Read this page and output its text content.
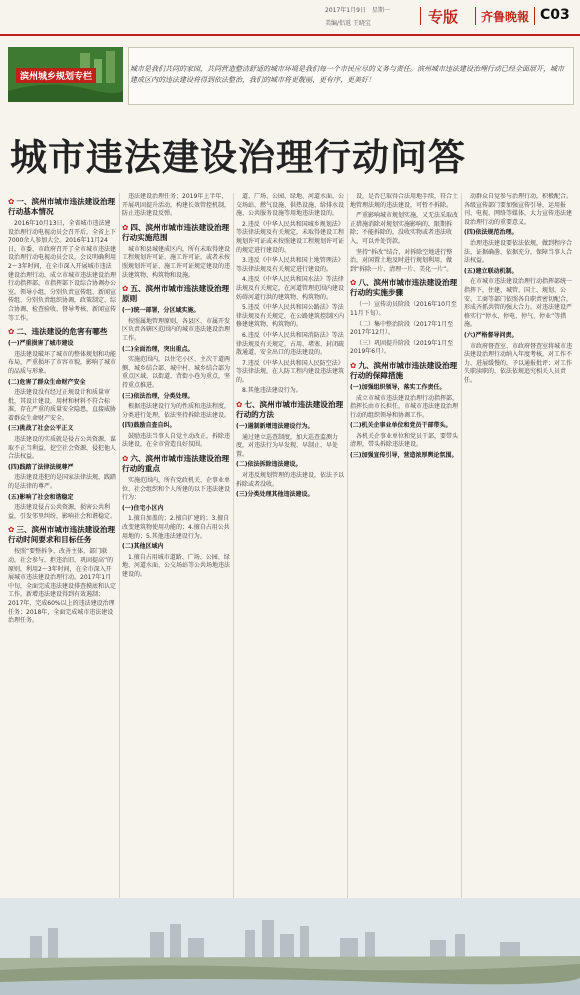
2017年1月9日　星期一
美编/侣返 王晓宝	专版 齐鲁晚報 C03
滨州城乡规划专栏
城市是我们共同的家园，共同营造整洁舒适的城市环境是我们每一个市民应尽的义务与责任。滨州城市违法建设治理行动已经全面展开，城市建成区内的违法建设将得到依法整治，我们的城市将更靓丽、更有序、更美好！
城市违法建设治理行动问答
✿ 一、滨州市城市违法建设治理行动基本情况

2016年10月13日，全省城市违法建设治理行动电视动员会召开后，全省上下7000余人参加大会。2016年11月24日，市委、市政府召开了全市城市违法建设治理行动电视动员会议，会议明确利用2～3年时间，在全市深入开展城市违法建设治理行动，成立市城市违法建设治理行动指挥部，市指挥部下设综合协调办公室。领导小组，分别负责宣传组、新闻宣传组、分别负责组织协调，政策制定、综合协调、检查验收、督导考核、新闻宣传等工作。

✿ 二、违法建设的危害有哪些
(一)严重损害了城市建设

违法建设破坏了城市的整体规划和功能布局，严重损坏了市容市貌，影响了城市的品质与形象。

(二)危害了群众生命财产安全

违法建设没有经过正规设计和质量审批，其设计建设，用材和材料不符合标准，存在严重的质量安全隐患，直接威胁着群众生命财产安全。

(三)挑战了社会公平正义

违法建设的实质就是侵占公共资源，谋取不正当利益，挖空社会资源，侵犯他人合法权益。

(四)践踏了法律法规尊严

违法建设违犯的是国家法律法规，践踏的是法律的尊严。

(五)影响了社会和谐稳定

违法建设侵占公共资源，损害公共利益，引发邻里纠纷，影响社会和谐稳定。

✿ 三、滨州市城市违法建设治理行动时间要求和目标任务

按照“要整拆争，改善主体，部门联动，社会参与，拒违治旧，巩固提高”的原则，利用2～3年时间，在全市深入开展城市违法建设治理行动。2017年1月中旬，全面完成违法建设排查摸底和认定工作，新增违法建设得到有效遏制；2017年，完成60%以上的违法建设治理任务；2018年，全面完成城市违法建设治理任务。

违法建设治理任务；2019年上半年，开展巩固提升活动，构建长效管控机制，防止违法建设反弹。

✿ 四、滨州市城市违法建设治理行动实施范围

城市和县城建成区内，所有未取得建设工程规划许可证、施工许可证，或者未按照规划许可证、施工许可证规定建设的违法建筑物、构筑物和设施。

✿ 五、滨州市城市违法建设治理原则
(一)统一部署，分区域实施。

按照属地管理原则，各县区、市属开发区负责各辖区范围内的城市违法建设治理工作。

(二)全面治理，突出重点。

实施范围内，以住宅小区、主次干道两侧、城乡结合部、城中村、城乡结合部为重点区域，以街道、背街小巷为重点，坚持重点推进。

(三)依法治理，分类处理。

根据违法建设行为的性质和违法程度，分类进行处理，依法坚持拆除违法建设。

(四)鼓励自查自纠。

鼓励违法当事人自觉主动改正，拆除违法建设，在全市营造良好氛围。

✿ 六、滨州市城市违法建设治理行动的重点

实施范围内，所有党政机关、企事业单位、社会组织和个人所建的以下违法建设行为：

(一)住宅小区内

1.擅自加盖的；2.擅自扩建的；3.擅自改变建筑物使用功能的；4.擅自占用公共用地的；5.其他违法建设行为。

(二)其他区域内

1.擅自占用城市道路、广场、公园、绿地、河道水面、公交场站等公共场地违法建设的。

道、广场、公园、绿地、河道水面、公交场站、燃气设施、供热设施、给排水设施、公共服务设施等用地违法建设的。

2.违反《中华人民共和国城乡规划法》等法律法规及有关规定，未取得建设工程规划许可证或未按照建设工程规划许可证的规定进行建设的。

3.违反《中华人民共和国土地管理法》等法律法规及有关规定进行建设的。

4.违反《中华人民共和国水法》等法律法规及有关规定，在河道管理范围内建设妨碍河道行洪的建筑物、构筑物的。

5.违反《中华人民共和国公路法》等法律法规及有关规定，在公路建筑控制区内修建建筑物、构筑物的。

6.违反《中华人民共和国消防法》等法律法规及有关规定，占用、堵塞、封闭疏散通道、安全出口的违法建设的。

7.违反《中华人民共和国人民防空法》等法律法规，在人防工程内建设违法建筑的。

8.其他违法建设行为。

✿ 七、滨州市城市违法建设治理行动的方法
(一)遏制新增违法建设行为。

通过建立巡查制度，加大巡查监测力度，对违法行为早发现、早制止、早处置。

(二)依法拆除违法建设。

对违反规划管理的违法建设，依法予以拆除或者没收。

(三)分类处理其他违法建设。

设，是否已取得合法用地手续，符合土地管理法规的违法建设，可暂不拆除。

严重影响城市规划实施，又无法采取改正措施消除对规划实施影响的，限期拆除；不能拆除的，没收实物或者违法收入，可以并处罚款。

坚持“拆改”结合，对拆除空地进行整治，对闲置土地及时进行规划利用，做到“拆除一片、清理一片、美化一片”。

✿ 八、滨州市城市违法建设治理行动的实施步骤

（一）宣传动员阶段（2016年10月至11月下旬）。

（二）集中整治阶段（2017年1月至2017年12月）。

（三）巩固提升阶段（2019年1月至2019年6月）。

✿ 九、滨州市城市违法建设治理行动的保障措施
(一)加强组织领导，落实工作责任。

成立市城市违法建设治理行动指挥部，指挥长由市长担任，市城市违法建设治理行动的组织领导和协调工作。

(二)机关企事业单位和党员干部带头。

各机关企事业单位和党员干部，要带头清理，带头拆除违法建设。

(三)加强宣传引导，营造浓厚舆论氛围。

动群众自觉参与治理行动，积极配合。各级宣传部门要加强宣传引导，运用报刊、电视、网络等媒体，大力宣传违法建设治理行动的重要意义。

(四)依法规范治理。

治理违法建设要依法依规，做到程序合法、证据确凿、依据充分，保障当事人合法权益。

(五)建立联动机制。

在市城市违法建设治理行动指挥部统一指挥下，住建、城管、国土、规划、公安、工商等部门依照各自职责密切配合，形成齐抓共管的强大合力。对违法建设严格实行“停水、停电、停气、停业”等措施。

(六)严格督导问责。

市政府督查室、市政府督查室将城市违法建设治理行动纳入年度考核，对工作不力、进展缓慢的，予以通报批评；对工作失职渎职的，依法依规追究相关人员责任。
